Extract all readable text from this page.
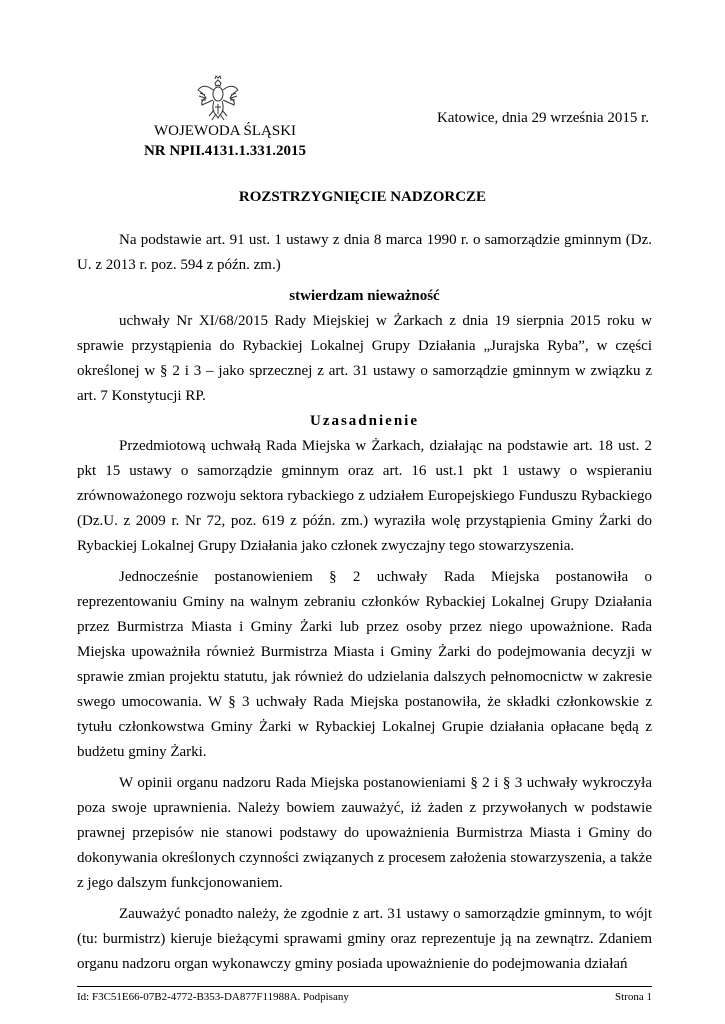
WOJEWODA ŚLĄSKI
NR NPII.4131.1.331.2015
Katowice, dnia 29 września 2015 r.
ROZSTRZYGNIĘCIE NADZORCZE

Na podstawie art. 91 ust. 1 ustawy z dnia 8 marca 1990 r. o samorządzie gminnym (Dz. U. z 2013 r. poz. 594 z późn. zm.)

stwierdzam nieważność

uchwały Nr XI/68/2015 Rady Miejskiej w Żarkach z dnia 19 sierpnia 2015 roku w sprawie przystąpienia do Rybackiej Lokalnej Grupy Działania „Jurajska Ryba”, w części określonej w § 2 i 3 – jako sprzecznej z art. 31 ustawy o samorządzie gminnym w związku z art. 7 Konstytucji RP.

Uzasadnienie

Przedmiotową uchwałą Rada Miejska w Żarkach, działając na podstawie art. 18 ust. 2 pkt 15 ustawy o samorządzie gminnym oraz art. 16 ust.1 pkt 1 ustawy o wspieraniu zrównoważonego rozwoju sektora rybackiego z udziałem Europejskiego Funduszu Rybackiego (Dz.U. z 2009 r. Nr 72, poz. 619 z późn. zm.) wyraziła wolę przystąpienia Gminy Żarki do Rybackiej Lokalnej Grupy Działania jako członek zwyczajny tego stowarzyszenia.

Jednocześnie postanowieniem § 2 uchwały Rada Miejska postanowiła o reprezentowaniu Gminy na walnym zebraniu członków Rybackiej Lokalnej Grupy Działania przez Burmistrza Miasta i Gminy Żarki lub przez osoby przez niego upoważnione. Rada Miejska upoważniła również Burmistrza Miasta i Gminy Żarki do podejmowania decyzji w sprawie zmian projektu statutu, jak również do udzielania dalszych pełnomocnictw w zakresie swego umocowania. W § 3 uchwały Rada Miejska postanowiła, że składki członkowskie z tytułu członkowstwa Gminy Żarki w Rybackiej Lokalnej Grupie działania opłacane będą z budżetu gminy Żarki.

W opinii organu nadzoru Rada Miejska postanowieniami § 2 i § 3 uchwały wykroczyła poza swoje uprawnienia. Należy bowiem zauważyć, iż żaden z przywołanych w podstawie prawnej przepisów nie stanowi podstawy do upoważnienia Burmistrza Miasta i Gminy do dokonywania określonych czynności związanych z procesem założenia stowarzyszenia, a także z jego dalszym funkcjonowaniem.

Zauważyć ponadto należy, że zgodnie z art. 31 ustawy o samorządzie gminnym, to wójt (tu: burmistrz) kieruje bieżącymi sprawami gminy oraz reprezentuje ją na zewnątrz. Zdaniem organu nadzoru organ wykonawczy gminy posiada upoważnienie do podejmowania działań

Id: F3C51E66-07B2-4772-B353-DA877F11988A. Podpisany	Strona 1
